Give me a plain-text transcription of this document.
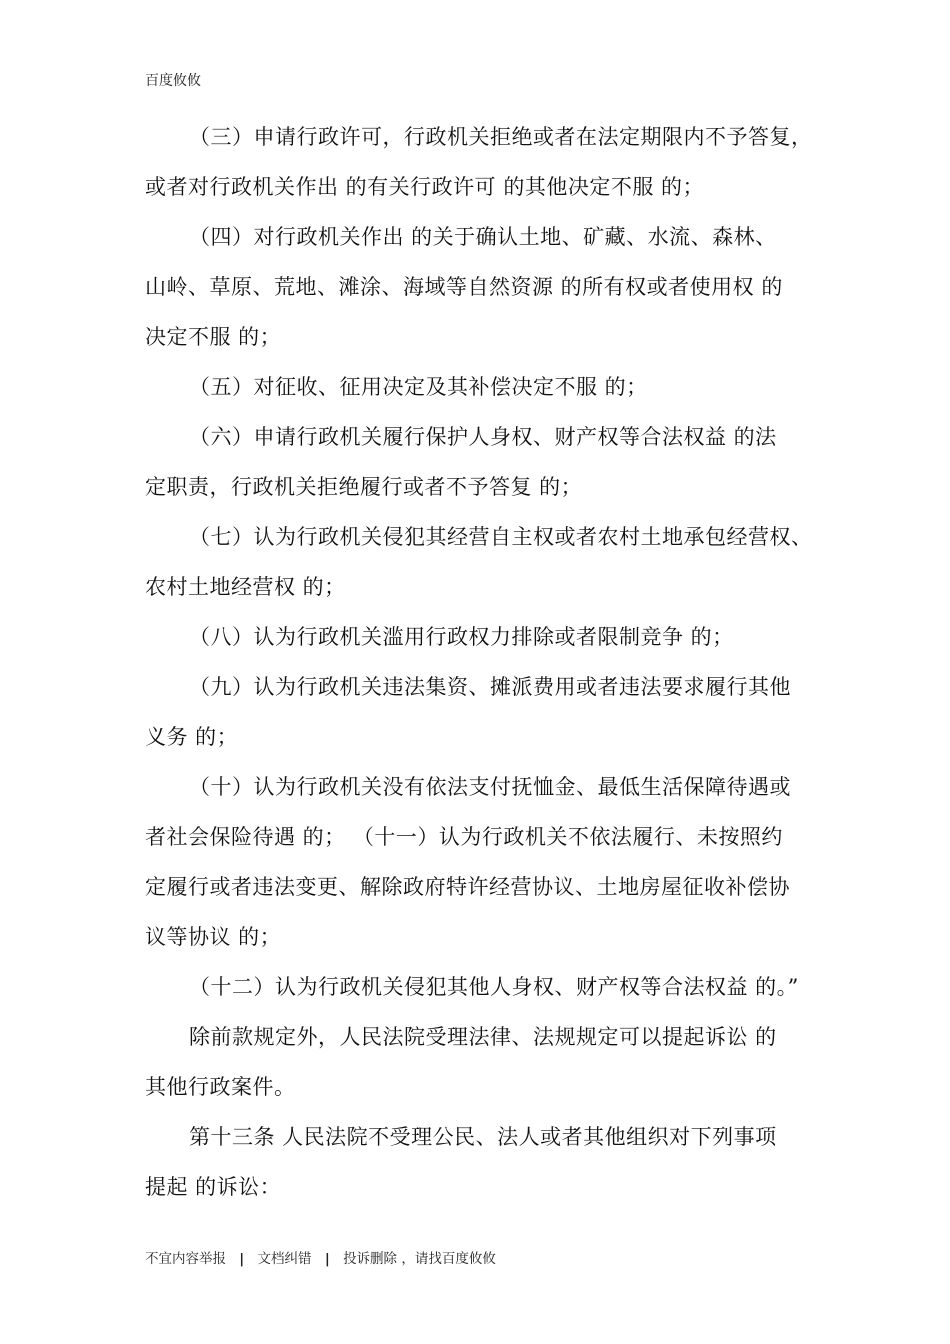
百度攸攸
（三）申请行政许可，行政机关拒绝或者在法定期限内不予答复，
或者对行政机关作出 的有关行政许可 的其他决定不服 的；
（四）对行政机关作出 的关于确认土地、矿藏、水流、森林、
山岭、草原、荒地、滩涂、海域等自然资源 的所有权或者使用权 的
决定不服 的；
（五）对征收、征用决定及其补偿决定不服 的；
（六）申请行政机关履行保护人身权、财产权等合法权益 的法
定职责，行政机关拒绝履行或者不予答复 的；
（七）认为行政机关侵犯其经营自主权或者农村土地承包经营权、
农村土地经营权 的；
（八）认为行政机关滥用行政权力排除或者限制竞争 的；
（九）认为行政机关违法集资、摊派费用或者违法要求履行其他
义务 的；
（十）认为行政机关没有依法支付抚恤金、最低生活保障待遇或
者社会保险待遇 的； （十一）认为行政机关不依法履行、未按照约
定履行或者违法变更、解除政府特许经营协议、土地房屋征收补偿协
议等协议 的；
（十二）认为行政机关侵犯其他人身权、财产权等合法权益 的。”
除前款规定外，人民法院受理法律、法规规定可以提起诉讼 的
其他行政案件。
第十三条 人民法院不受理公民、法人或者其他组织对下列事项
提起 的诉讼：
不宜内容举报 | 文档纠错 | 投诉删除 ，请找百度攸攸
